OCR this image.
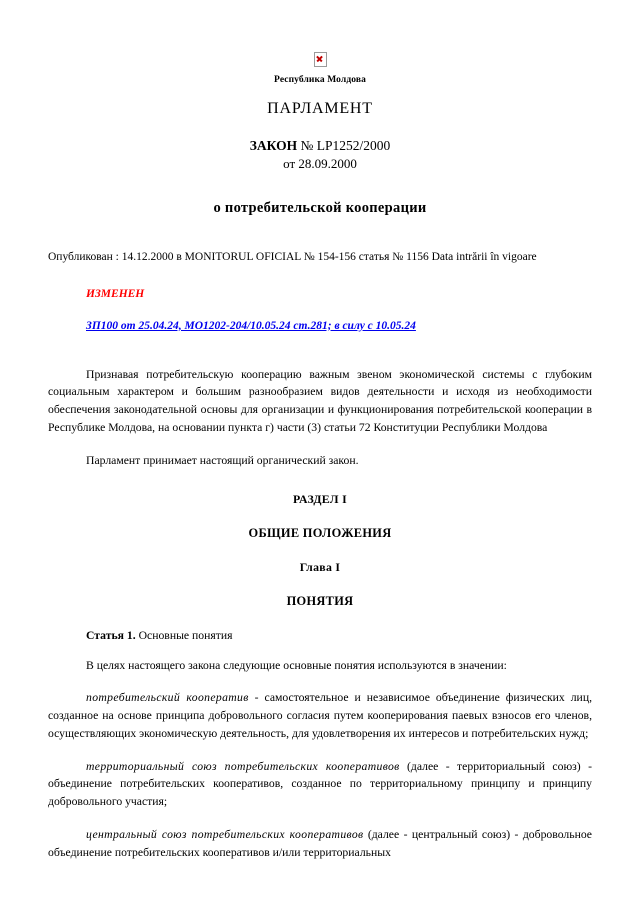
Республика Молдова
ПАРЛАМЕНТ
ЗАКОН № LP1252/2000
от 28.09.2000
о потребительской кооперации
Опубликован : 14.12.2000 в MONITORUL OFICIAL № 154-156 статья № 1156 Data intrării în vigoare
ИЗМЕНЕН
ЗП100 от 25.04.24, МО1202-204/10.05.24 ст.281; в силу с 10.05.24

Признавая потребительскую кооперацию важным звеном экономической системы с глубоким социальным характером и большим разнообразием видов деятельности и исходя из необходимости обеспечения законодательной основы для организации и функционирования потребительской кооперации в Республике Молдова, на основании пункта г) части (3) статьи 72 Конституции Республики Молдова

Парламент принимает настоящий органический закон.

РАЗДЕЛ I
ОБЩИЕ ПОЛОЖЕНИЯ
Глава I
ПОНЯТИЯ
Статья 1. Основные понятия

В целях настоящего закона следующие основные понятия используются в значении:

потребительский кооператив - самостоятельное и независимое объединение физических лиц, созданное на основе принципа добровольного согласия путем кооперирования паевых взносов его членов, осуществляющих экономическую деятельность, для удовлетворения их интересов и потребительских нужд;

территориальный союз потребительских кооперативов (далее - территориальный союз) - объединение потребительских кооперативов, созданное по территориальному принципу и принципу добровольного участия;

центральный союз потребительских кооперативов (далее - центральный союз) - добровольное объединение потребительских кооперативов и/или территориальных
